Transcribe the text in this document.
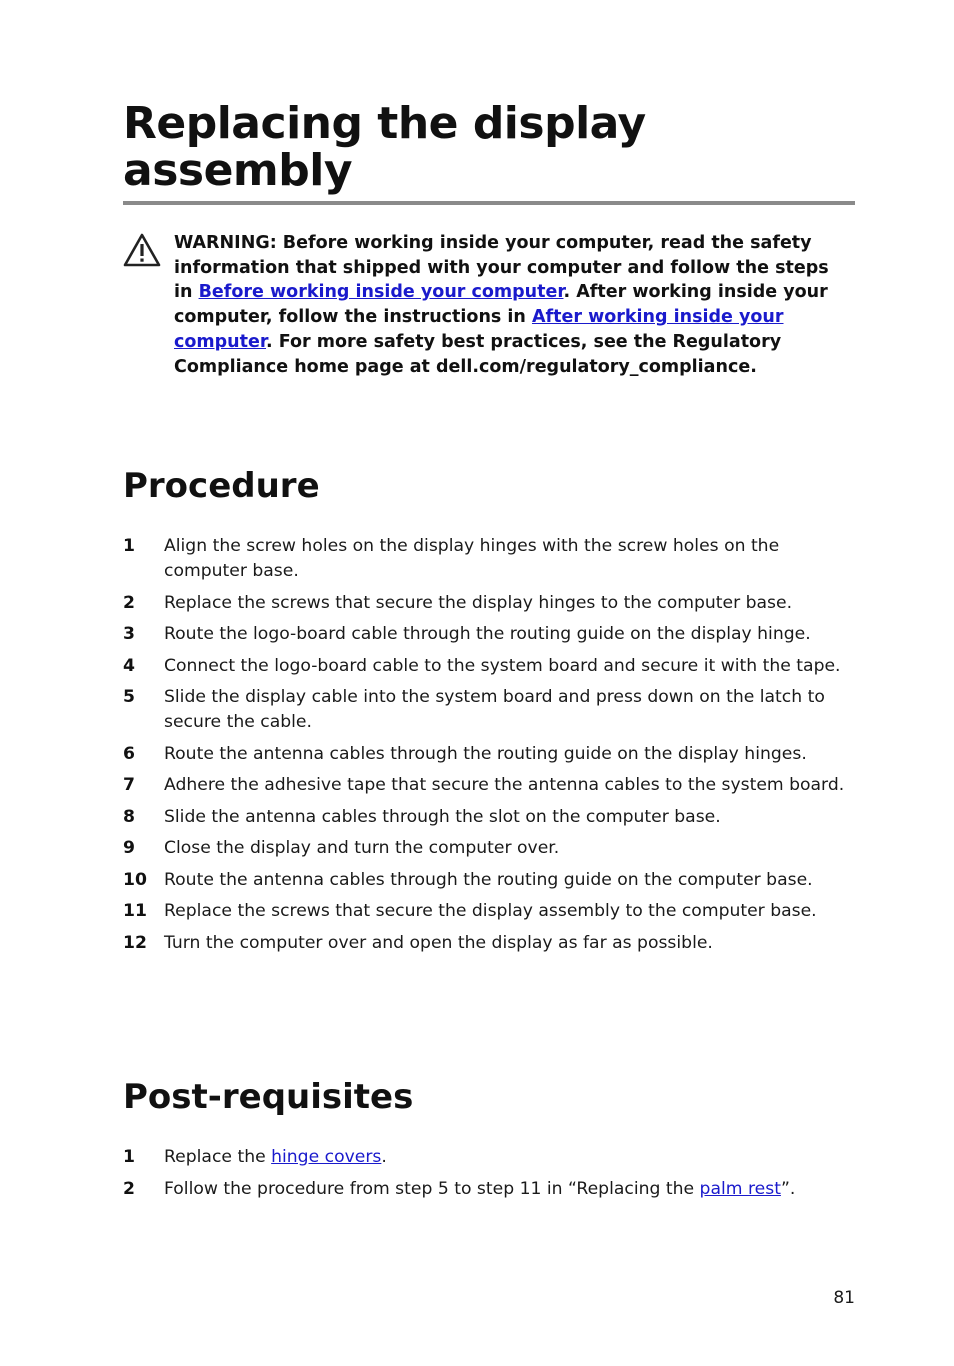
Replacing the display assembly

WARNING: Before working inside your computer, read the safety information that shipped with your computer and follow the steps in Before working inside your computer. After working inside your computer, follow the instructions in After working inside your computer. For more safety best practices, see the Regulatory Compliance home page at dell.com/regulatory_compliance.

Procedure
1 Align the screw holes on the display hinges with the screw holes on the computer base.
2 Replace the screws that secure the display hinges to the computer base.
3 Route the logo-board cable through the routing guide on the display hinge.
4 Connect the logo-board cable to the system board and secure it with the tape.
5 Slide the display cable into the system board and press down on the latch to secure the cable.
6 Route the antenna cables through the routing guide on the display hinges.
7 Adhere the adhesive tape that secure the antenna cables to the system board.
8 Slide the antenna cables through the slot on the computer base.
9 Close the display and turn the computer over.
10 Route the antenna cables through the routing guide on the computer base.
11 Replace the screws that secure the display assembly to the computer base.
12 Turn the computer over and open the display as far as possible.
Post-requisites
1 Replace the hinge covers.
2 Follow the procedure from step 5 to step 11 in “Replacing the palm rest”.
81
